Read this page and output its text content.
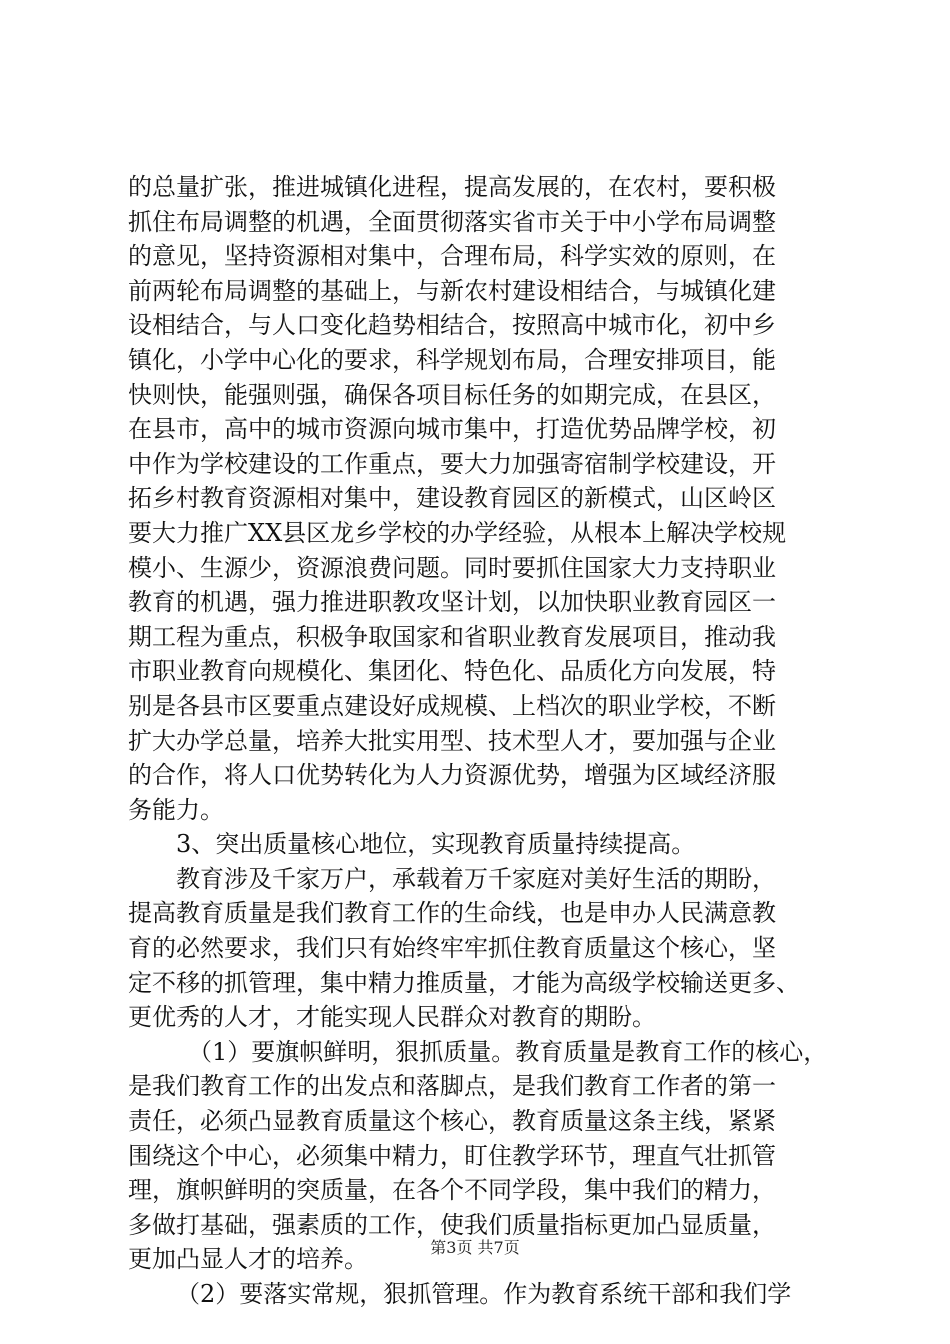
的总量扩张，推进城镇化进程，提高发展的，在农村，要积极
抓住布局调整的机遇，全面贯彻落实省市关于中小学布局调整
的意见，坚持资源相对集中，合理布局，科学实效的原则，在
前两轮布局调整的基础上，与新农村建设相结合，与城镇化建
设相结合，与人口变化趋势相结合，按照高中城市化，初中乡
镇化，小学中心化的要求，科学规划布局，合理安排项目，能
快则快，能强则强，确保各项目标任务的如期完成，在县区，
在县市，高中的城市资源向城市集中，打造优势品牌学校，初
中作为学校建设的工作重点，要大力加强寄宿制学校建设，开
拓乡村教育资源相对集中，建设教育园区的新模式，山区岭区
要大力推广XX县区龙乡学校的办学经验，从根本上解决学校规
模小、生源少，资源浪费问题。同时要抓住国家大力支持职业
教育的机遇，强力推进职教攻坚计划，以加快职业教育园区一
期工程为重点，积极争取国家和省职业教育发展项目，推动我
市职业教育向规模化、集团化、特色化、品质化方向发展，特
别是各县市区要重点建设好成规模、上档次的职业学校，不断
扩大办学总量，培养大批实用型、技术型人才，要加强与企业
的合作，将人口优势转化为人力资源优势，增强为区域经济服
务能力。
3、突出质量核心地位，实现教育质量持续提高。
教育涉及千家万户，承载着万千家庭对美好生活的期盼，
提高教育质量是我们教育工作的生命线，也是申办人民满意教
育的必然要求，我们只有始终牢牢抓住教育质量这个核心，坚
定不移的抓管理，集中精力推质量，才能为高级学校输送更多、
更优秀的人才，才能实现人民群众对教育的期盼。
（1）要旗帜鲜明，狠抓质量。教育质量是教育工作的核心，
是我们教育工作的出发点和落脚点，是我们教育工作者的第一
责任，必须凸显教育质量这个核心，教育质量这条主线，紧紧
围绕这个中心，必须集中精力，盯住教学环节，理直气壮抓管
理，旗帜鲜明的突质量，在各个不同学段，集中我们的精力，
多做打基础，强素质的工作，使我们质量指标更加凸显质量，
更加凸显人才的培养。
（2）要落实常规，狠抓管理。作为教育系统干部和我们学
第3页 共7页
